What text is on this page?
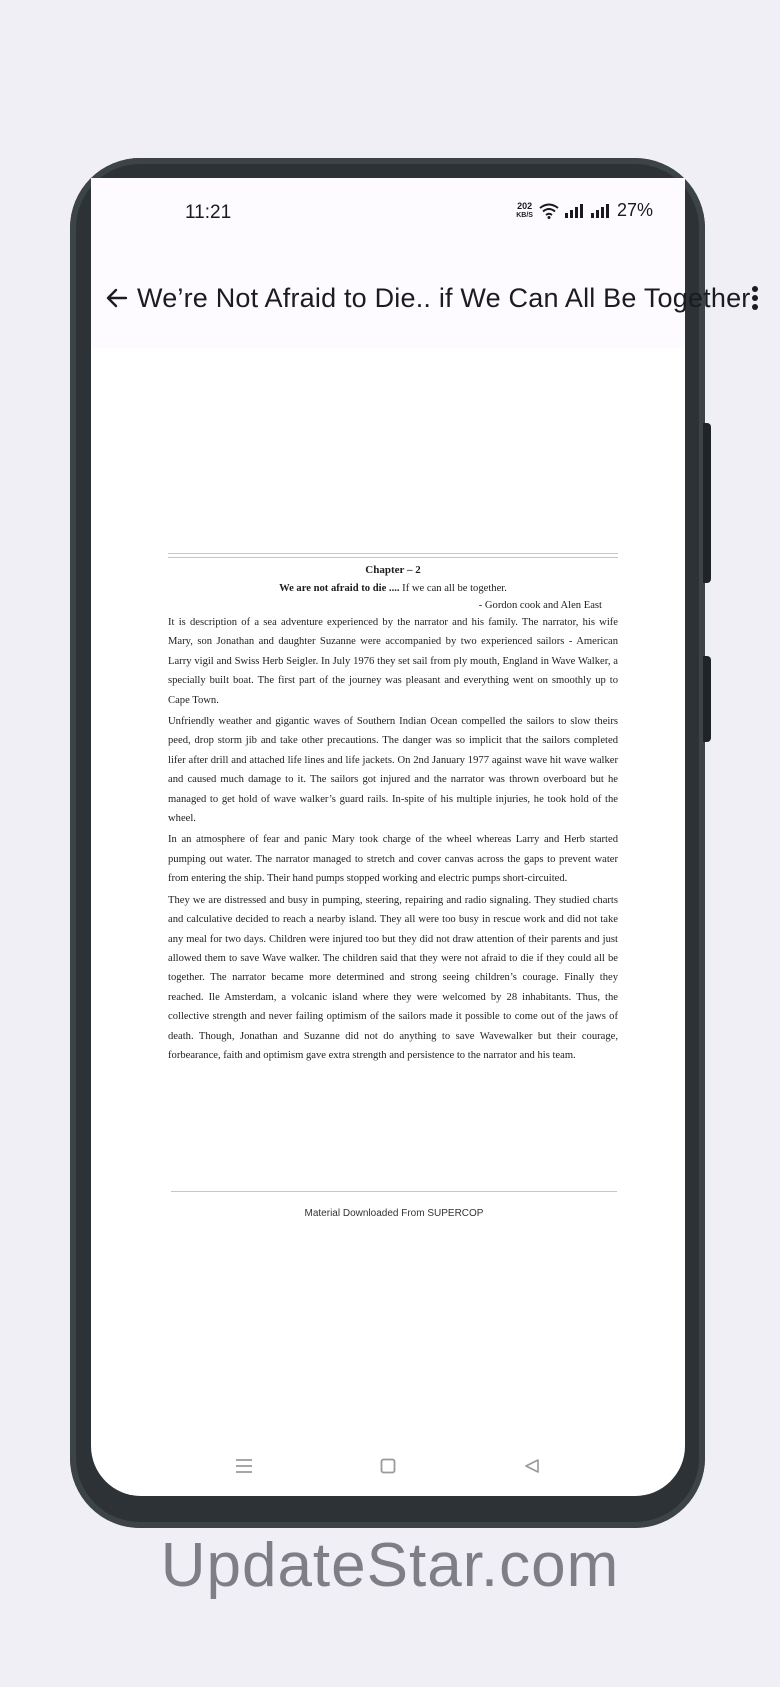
11:21	202
KB/S	27%
We’re Not Afraid to Die.. if We Can All Be Together
Chapter – 2
We are not afraid to die .... If we can all be together.
- Gordon cook and Alen East
It is description of a sea adventure experienced by the narrator and his family. The narrator, his wife Mary, son Jonathan and daughter Suzanne were accompanied by two experienced sailors - American Larry vigil and Swiss Herb Seigler. In July 1976 they set sail from ply mouth, England in Wave Walker, a specially built boat. The first part of the journey was pleasant and everything went on smoothly up to Cape Town.
Unfriendly weather and gigantic waves of Southern Indian Ocean compelled the sailors to slow theirs peed, drop storm jib and take other precautions. The danger was so implicit that the sailors completed lifer after drill and attached life lines and life jackets. On 2nd January 1977 against wave hit wave walker and caused much damage to it. The sailors got injured and the narrator was thrown overboard but he managed to get hold of wave walker’s guard rails. In-spite of his multiple injuries, he took hold of the wheel.
In an atmosphere of fear and panic Mary took charge of the wheel whereas Larry and Herb started pumping out water. The narrator managed to stretch and cover canvas across the gaps to prevent water from entering the ship. Their hand pumps stopped working and electric pumps short-circuited.
They we are distressed and busy in pumping, steering, repairing and radio signaling. They studied charts and calculative decided to reach a nearby island. They all were too busy in rescue work and did not take any meal for two days. Children were injured too but they did not draw attention of their parents and just allowed them to save Wave walker. The children said that they were not afraid to die if they could all be together. The narrator became more determined and strong seeing children’s courage. Finally they reached. Ile Amsterdam, a volcanic island where they were welcomed by 28 inhabitants. Thus, the collective strength and never failing optimism of the sailors made it possible to come out of the jaws of death. Though, Jonathan and Suzanne did not do anything to save Wavewalker but their courage, forbearance, faith and optimism gave extra strength and persistence to the narrator and his team.
Material Downloaded From SUPERCOP
UpdateStar.com
